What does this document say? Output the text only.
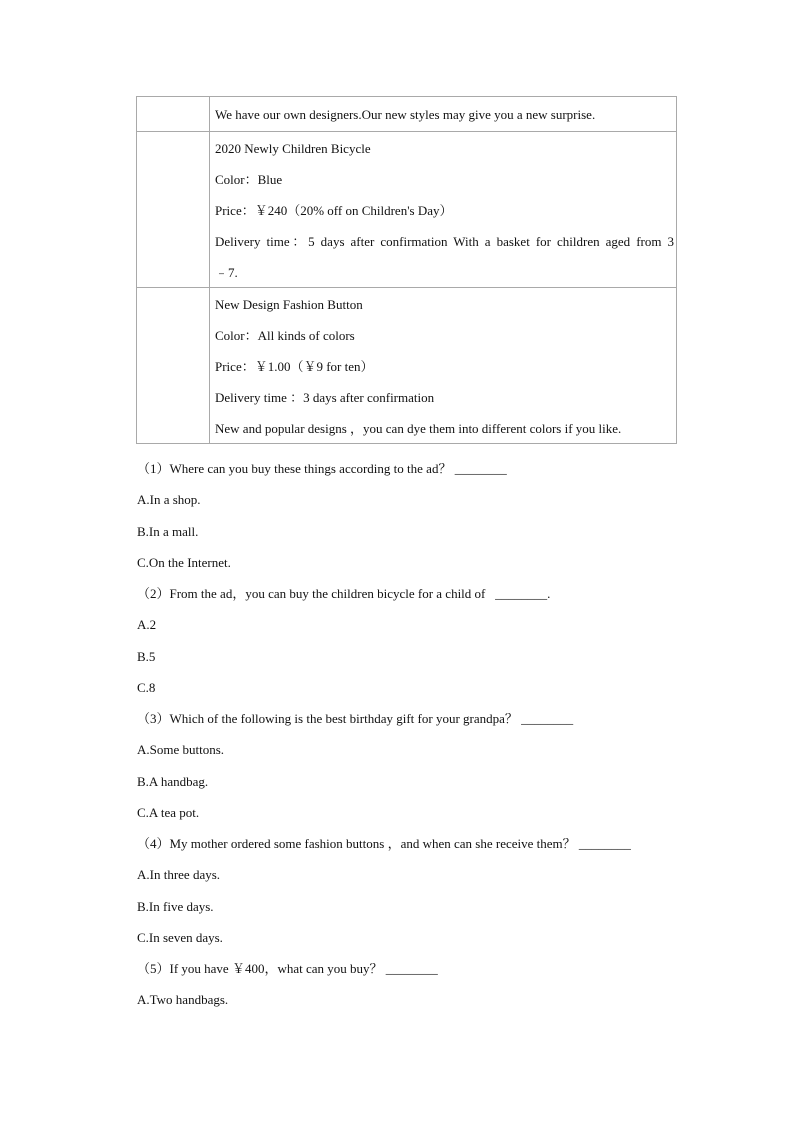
	We have our own designers.Our new styles may give you a new surprise.

	2020 Newly Children Bicycle
Color：Blue
Price：￥240（20% off on Children's Day）
Delivery time：5 days after confirmation With a basket for children aged from 3
﹣7.

	New Design Fashion Button
Color：All kinds of colors
Price：￥1.00（￥9 for ten）
Delivery time ：3 days after confirmation
New and popular designs ，you can dye them into different colors if you like.
（1）Where can you buy these things according to the ad？ ________
A.In a shop.
B.In a mall.
C.On the Internet.
（2）From the ad，you can buy the children bicycle for a child of ________.
A.2
B.5
C.8
（3）Which of the following is the best birthday gift for your grandpa？ ________
A.Some buttons.
B.A handbag.
C.A tea pot.
（4）My mother ordered some fashion buttons ，and when can she receive them？ ________
A.In three days.
B.In five days.
C.In seven days.
（5）If you have ￥400，what can you buy？ ________
A.Two handbags.
